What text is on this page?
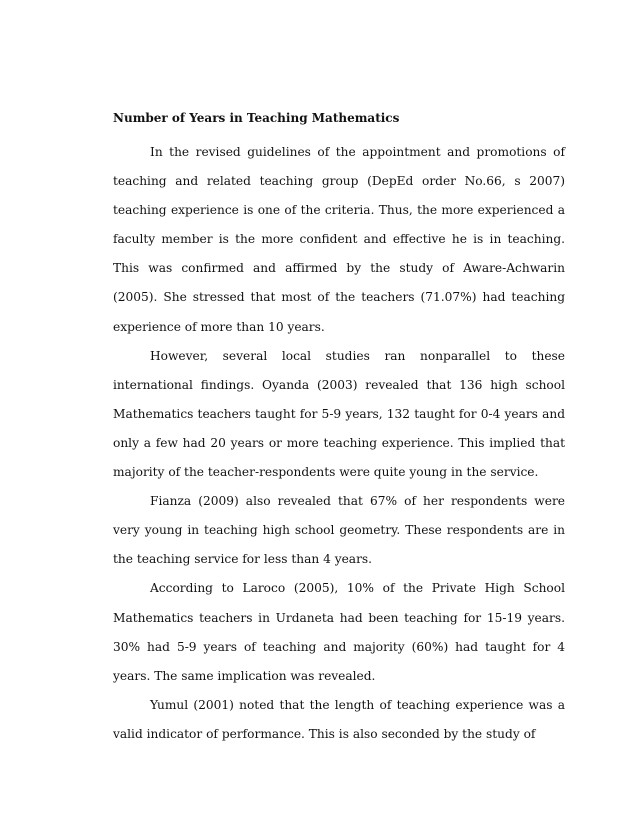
Number of Years in Teaching Mathematics

In the revised guidelines of the appointment and promotions of teaching and related teaching group (DepEd order No.66, s 2007) teaching experience is one of the criteria. Thus, the more experienced a faculty member is the more confident and effective he is in teaching. This was confirmed and affirmed by the study of Aware-Achwarin (2005). She stressed that most of the teachers (71.07%) had teaching experience of more than 10 years.

However, several local studies ran nonparallel to these international findings. Oyanda (2003) revealed that 136 high school Mathematics teachers taught for 5-9 years, 132 taught for 0-4 years and only a few had 20 years or more teaching experience. This implied that majority of the teacher-respondents were quite young in the service.

Fianza (2009) also revealed that 67% of her respondents were very young in teaching high school geometry. These respondents are in the teaching service for less than 4 years.

According to Laroco (2005), 10% of the Private High School Mathematics teachers in Urdaneta had been teaching for 15-19 years. 30% had 5-9 years of teaching and majority (60%) had taught for 4 years. The same implication was revealed.

Yumul (2001) noted that the length of teaching experience was a valid indicator of performance. This is also seconded by the study of
